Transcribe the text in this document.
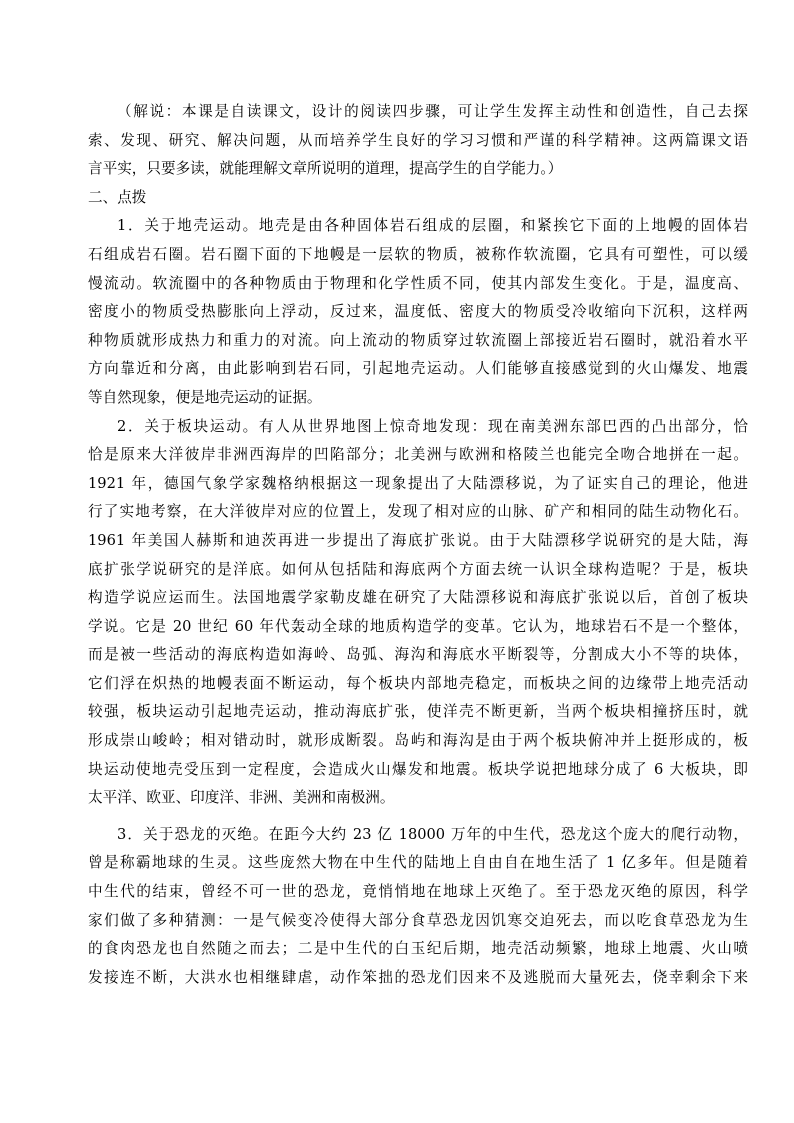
（解说：本课是自读课文，设计的阅读四步骤，可让学生发挥主动性和创造性，自己去探
索、发现、研究、解决问题，从而培养学生良好的学习习惯和严谨的科学精神。这两篇课文语
言平实，只要多读，就能理解文章所说明的道理，提高学生的自学能力。）
二、点拨
1．关于地壳运动。地壳是由各种固体岩石组成的层圈，和紧挨它下面的上地幔的固体岩
石组成岩石圈。岩石圈下面的下地幔是一层软的物质，被称作软流圈，它具有可塑性，可以缓
慢流动。软流圈中的各种物质由于物理和化学性质不同，使其内部发生变化。于是，温度高、
密度小的物质受热膨胀向上浮动，反过来，温度低、密度大的物质受冷收缩向下沉积，这样两
种物质就形成热力和重力的对流。向上流动的物质穿过软流圈上部接近岩石圈时，就沿着水平
方向靠近和分离，由此影响到岩石同，引起地壳运动。人们能够直接感觉到的火山爆发、地震
等自然现象，便是地壳运动的证据。
2．关于板块运动。有人从世界地图上惊奇地发现：现在南美洲东部巴西的凸出部分，恰
恰是原来大洋彼岸非洲西海岸的凹陷部分；北美洲与欧洲和格陵兰也能完全吻合地拼在一起。
1921 年，德国气象学家魏格纳根据这一现象提出了大陆漂移说，为了证实自己的理论，他进
行了实地考察，在大洋彼岸对应的位置上，发现了相对应的山脉、矿产和相同的陆生动物化石。
1961 年美国人赫斯和迪茨再进一步提出了海底扩张说。由于大陆漂移学说研究的是大陆，海
底扩张学说研究的是洋底。如何从包括陆和海底两个方面去统一认识全球构造呢？于是，板块
构造学说应运而生。法国地震学家勒皮雄在研究了大陆漂移说和海底扩张说以后，首创了板块
学说。它是 20 世纪 60 年代轰动全球的地质构造学的变革。它认为，地球岩石不是一个整体，
而是被一些活动的海底构造如海岭、岛弧、海沟和海底水平断裂等，分割成大小不等的块体，
它们浮在炽热的地幔表面不断运动，每个板块内部地壳稳定，而板块之间的边缘带上地壳活动
较强，板块运动引起地壳运动，推动海底扩张，使洋壳不断更新，当两个板块相撞挤压时，就
形成崇山峻岭；相对错动时，就形成断裂。岛屿和海沟是由于两个板块俯冲并上挺形成的，板
块运动使地壳受压到一定程度，会造成火山爆发和地震。板块学说把地球分成了 6 大板块，即
太平洋、欧亚、印度洋、非洲、美洲和南极洲。
3．关于恐龙的灭绝。在距今大约 23 亿 18000 万年的中生代，恐龙这个庞大的爬行动物，
曾是称霸地球的生灵。这些庞然大物在中生代的陆地上自由自在地生活了 1 亿多年。但是随着
中生代的结束，曾经不可一世的恐龙，竟悄悄地在地球上灭绝了。至于恐龙灭绝的原因，科学
家们做了多种猜测：一是气候变冷使得大部分食草恐龙因饥寒交迫死去，而以吃食草恐龙为生
的食肉恐龙也自然随之而去；二是中生代的白玉纪后期，地壳活动频繁，地球上地震、火山喷
发接连不断，大洪水也相继肆虐，动作笨拙的恐龙们因来不及逃脱而大量死去，侥幸剩余下来
